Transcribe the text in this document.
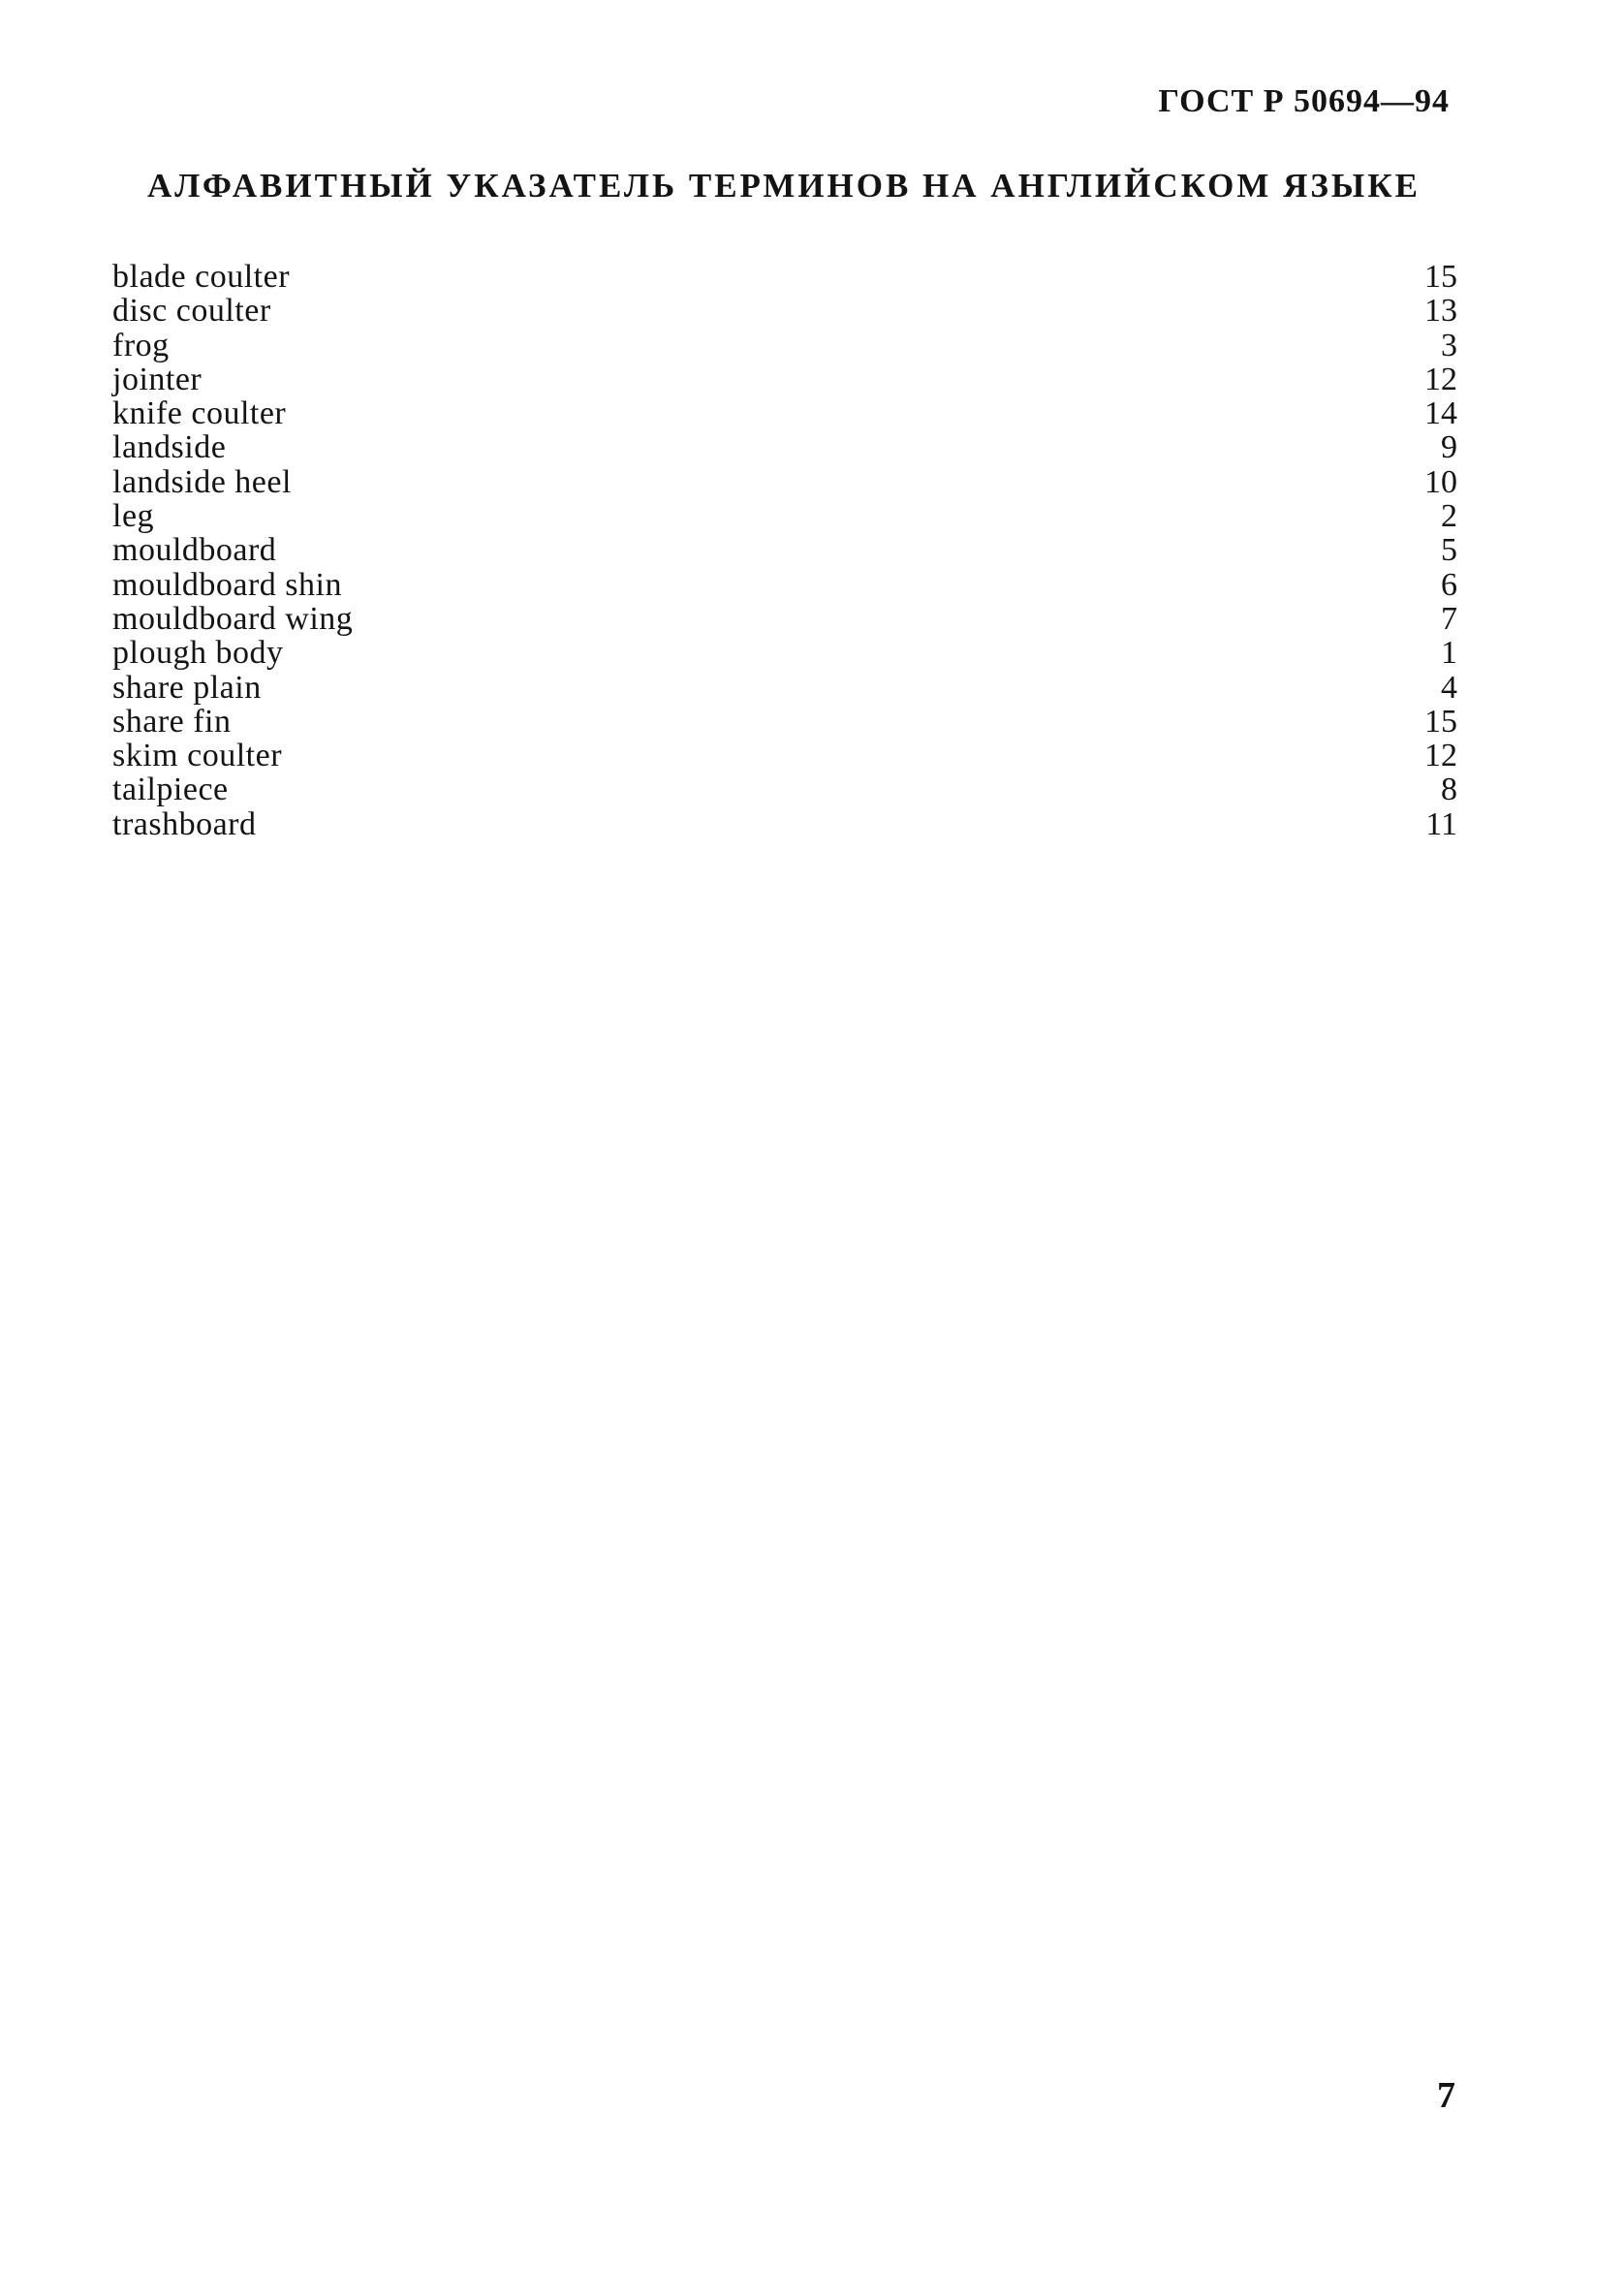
ГОСТ Р 50694—94
АЛФАВИТНЫЙ УКАЗАТЕЛЬ ТЕРМИНОВ НА АНГЛИЙСКОМ ЯЗЫКЕ
blade coulter	15
disc coulter	13
frog	3
jointer	12
knife coulter	14
landside	9
landside heel	10
leg	2
mouldboard	5
mouldboard shin	6
mouldboard wing	7
plough body	1
share plain	4
share fin	15
skim coulter	12
tailpiece	8
trashboard	11
7
